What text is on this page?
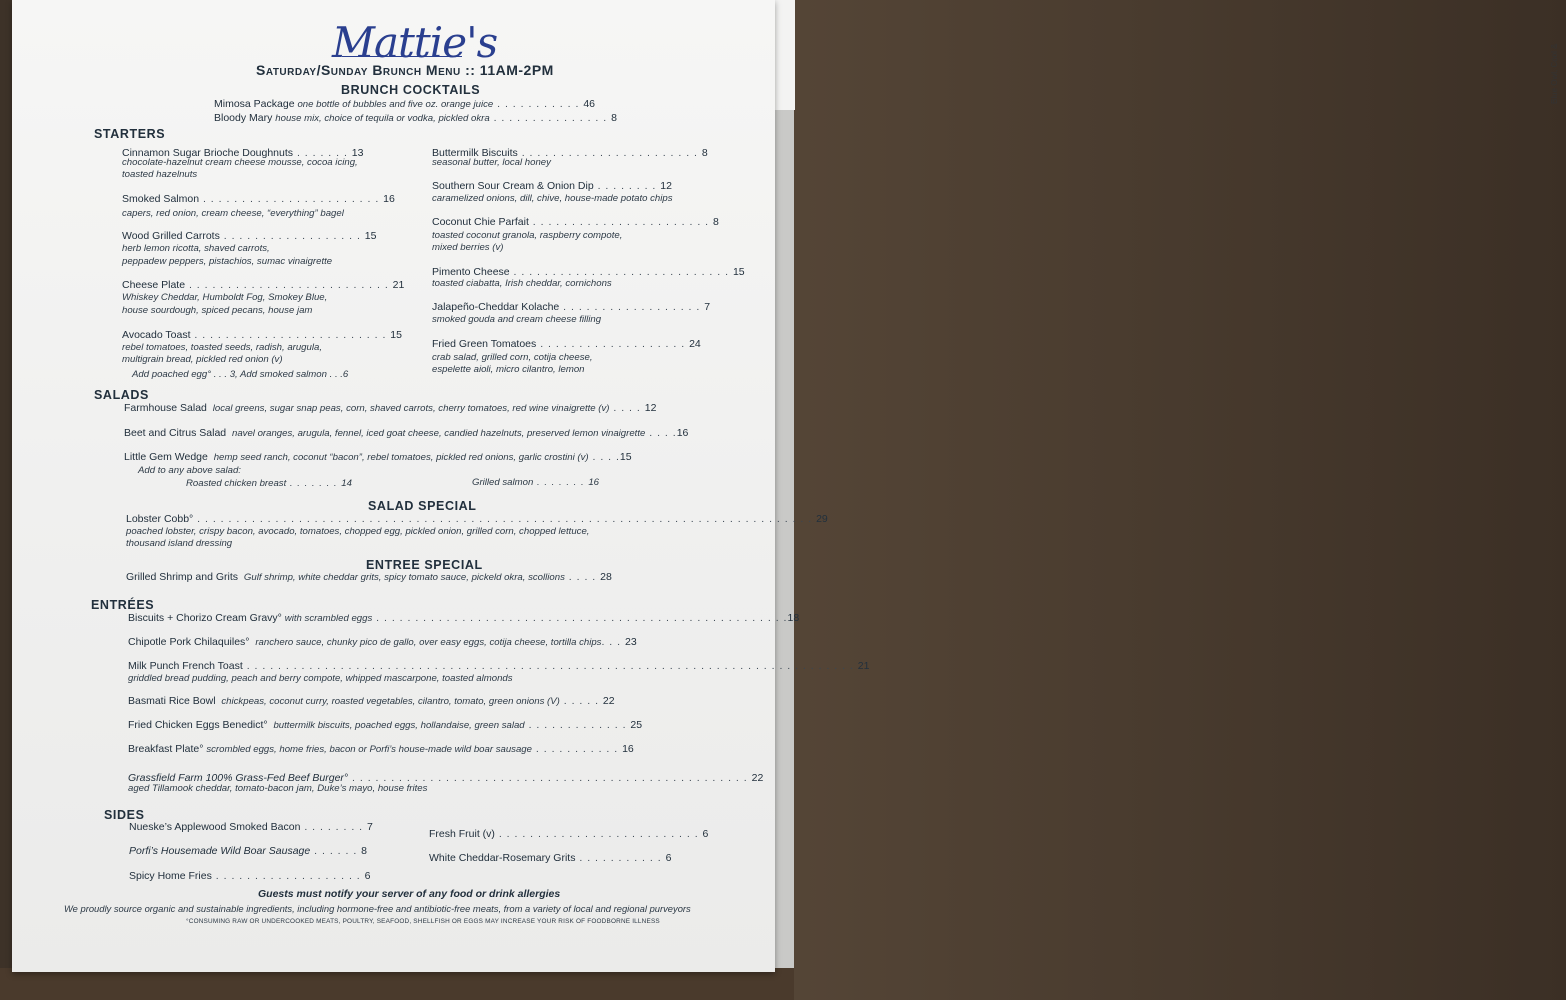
Blue Owl, Cool &
Mattie's
Saturday/Sunday Brunch Menu :: 11AM-2PM
BRUNCH COCKTAILS
Mimosa Package one bottle of bubbles and five oz. orange juice . . . . . . . . . . . 46
Bloody Mary house mix, choice of tequila or vodka, pickled okra . . . . . . . . . . . . . . . 8
STARTERS
Cinnamon Sugar Brioche Doughnuts . . . . . . . 13
chocolate-hazelnut cream cheese mousse, cocoa icing,
toasted hazelnuts
Smoked Salmon . . . . . . . . . . . . . . . . . . . . . . . 16
capers, red onion, cream cheese, “everything” bagel
Wood Grilled Carrots . . . . . . . . . . . . . . . . . . 15
herb lemon ricotta, shaved carrots,
peppadew peppers, pistachios, sumac vinaigrette
Cheese Plate . . . . . . . . . . . . . . . . . . . . . . . . . . 21
Whiskey Cheddar, Humboldt Fog, Smokey Blue,
house sourdough, spiced pecans, house jam
Avocado Toast . . . . . . . . . . . . . . . . . . . . . . . . . 15
rebel tomatoes, toasted seeds, radish, arugula,
multigrain bread, pickled red onion (v)
Add poached egg° . . . 3, Add smoked salmon . . .6
Buttermilk Biscuits . . . . . . . . . . . . . . . . . . . . . . . 8
seasonal butter, local honey
Southern Sour Cream & Onion Dip . . . . . . . . 12
caramelized onions, dill, chive, house-made potato chips
Coconut Chie Parfait . . . . . . . . . . . . . . . . . . . . . . . 8
toasted coconut granola, raspberry compote,
mixed berries (v)
Pimento Cheese . . . . . . . . . . . . . . . . . . . . . . . . . . . . 15
toasted ciabatta, Irish cheddar, cornichons
Jalapeño-Cheddar Kolache . . . . . . . . . . . . . . . . . . 7
smoked gouda and cream cheese filling
Fried Green Tomatoes . . . . . . . . . . . . . . . . . . . 24
crab salad, grilled corn, cotija cheese,
espelette aioli, micro cilantro, lemon
SALADS
Farmhouse Salad local greens, sugar snap peas, corn, shaved carrots, cherry tomatoes, red wine vinaigrette (v) . . . . 12
Beet and Citrus Salad navel oranges, arugula, fennel, iced goat cheese, candied hazelnuts, preserved lemon vinaigrette . . . .16
Little Gem Wedge hemp seed ranch, coconut “bacon”, rebel tomatoes, pickled red onions, garlic crostini (v) . . . .15
Add to any above salad:
Roasted chicken breast . . . . . . . 14	Grilled salmon . . . . . . . 16
SALAD SPECIAL
Lobster Cobb° . . . . . . . . . . . . . . . . . . . . . . . . . . . . . . . . . . . . . . . . . . . . . . . . . . . . . . . . . . . . . . . . . . . . . . . . . . . . . . . 29
poached lobster, crispy bacon, avocado, tomatoes, chopped egg, pickled onion, grilled corn, chopped lettuce,
thousand island dressing
ENTREE SPECIAL
Grilled Shrimp and Grits Gulf shrimp, white cheddar grits, spicy tomato sauce, pickeld okra, scollions . . . . 28
ENTRÉES
Biscuits + Chorizo Cream Gravy° with scrambled eggs . . . . . . . . . . . . . . . . . . . . . . . . . . . . . . . . . . . . . . . . . . . . . . . . . . . . .18
Chipotle Pork Chilaquiles° ranchero sauce, chunky pico de gallo, over easy eggs, cotija cheese, tortilla chips. . . 23
Milk Punch French Toast . . . . . . . . . . . . . . . . . . . . . . . . . . . . . . . . . . . . . . . . . . . . . . . . . . . . . . . . . . . . . . . . . . . . . . . . . . . . . . 21
griddled bread pudding, peach and berry compote, whipped mascarpone, toasted almonds
Basmati Rice Bowl chickpeas, coconut curry, roasted vegetables, cilantro, tomato, green onions (V) . . . . . 22
Fried Chicken Eggs Benedict° buttermilk biscuits, poached eggs, hollandaise, green salad . . . . . . . . . . . . . 25
Breakfast Plate° scrombled eggs, home fries, bacon or Porfi’s house-made wild boar sausage . . . . . . . . . . . 16
Grassfield Farm 100% Grass-Fed Beef Burger° . . . . . . . . . . . . . . . . . . . . . . . . . . . . . . . . . . . . . . . . . . . . . . . . . . . 22
aged Tillamook cheddar, tomato-bacon jam, Duke’s mayo, house frites
SIDES
Nueske’s Applewood Smoked Bacon . . . . . . . . 7
Porfi’s Housemade Wild Boar Sausage . . . . . . 8
Spicy Home Fries . . . . . . . . . . . . . . . . . . . 6
Fresh Fruit (v) . . . . . . . . . . . . . . . . . . . . . . . . . . 6
White Cheddar-Rosemary Grits . . . . . . . . . . . 6
Guests must notify your server of any food or drink allergies
We proudly source organic and sustainable ingredients, including hormone-free and antibiotic-free meats, from a variety of local and regional purveyors
°CONSUMING RAW OR UNDERCOOKED MEATS, POULTRY, SEAFOOD, SHELLFISH OR EGGS MAY INCREASE YOUR RISK OF FOODBORNE ILLNESS
